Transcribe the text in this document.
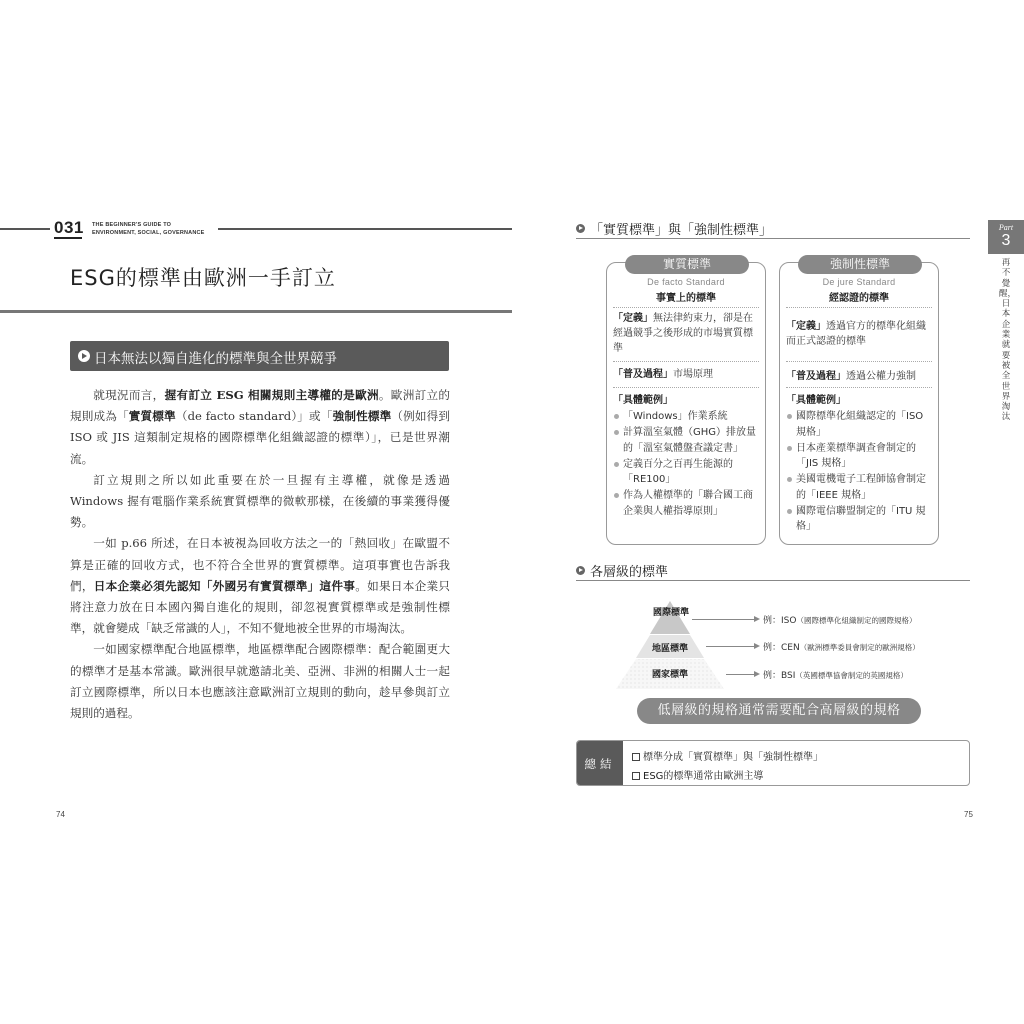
031 THE BEGINNER'S GUIDE TO
ENVIRONMENT, SOCIAL, GOVERNANCE
ESG的標準由歐洲一手訂立
日本無法以獨自進化的標準與全世界競爭

就現況而言，握有訂立 ESG 相關規則主導權的是歐洲。歐洲訂立的規則成為「實質標準（de facto standard）」或「強制性標準（例如得到 ISO 或 JIS 這類制定規格的國際標準化組織認證的標準）」，已是世界潮流。

訂立規則之所以如此重要在於一旦握有主導權，就像是透過 Windows 握有電腦作業系統實質標準的微軟那樣，在後續的事業獲得優勢。

一如 p.66 所述，在日本被視為回收方法之一的「熱回收」在歐盟不算是正確的回收方式，也不符合全世界的實質標準。這項事實也告訴我們，日本企業必須先認知「外國另有實質標準」這件事。如果日本企業只將注意力放在日本國內獨自進化的規則，卻忽視實質標準或是強制性標準，就會變成「缺乏常識的人」，不知不覺地被全世界的市場淘汰。

一如國家標準配合地區標準，地區標準配合國際標準：配合範圍更大的標準才是基本常識。歐洲很早就邀請北美、亞洲、非洲的相關人士一起訂立國際標準，所以日本也應該注意歐洲訂立規則的動向，趁早參與訂立規則的過程。

74
Part
3
再不覺醒，日本企業就要被全世界淘汰
「實質標準」與「強制性標準」
實質標準
De facto Standard
事實上的標準
「定義」無法律約束力，卻是在經過競爭之後形成的市場實質標準
「普及過程」市場原理
「具體範例」
「Windows」作業系統
計算溫室氣體（GHG）排放量的「溫室氣體盤查議定書」
定義百分之百再生能源的「RE100」
作為人權標準的「聯合國工商企業與人權指導原則」
強制性標準
De jure Standard
經認證的標準
「定義」透過官方的標準化組織而正式認證的標準
「普及過程」透過公權力強制
「具體範例」
國際標準化組織認定的「ISO 規格」
日本產業標準調查會制定的「JIS 規格」
美國電機電子工程師協會制定的「IEEE 規格」
國際電信聯盟制定的「ITU 規格」
各層級的標準
國際標準
地區標準
國家標準
例：ISO（國際標準化組織制定的國際規格）
例：CEN（歐洲標準委員會制定的歐洲規格）
例：BSI（英國標準協會制定的英國規格）
低層級的規格通常需要配合高層級的規格
總結	標準分成「實質標準」與「強制性標準」
ESG的標準通常由歐洲主導
75
